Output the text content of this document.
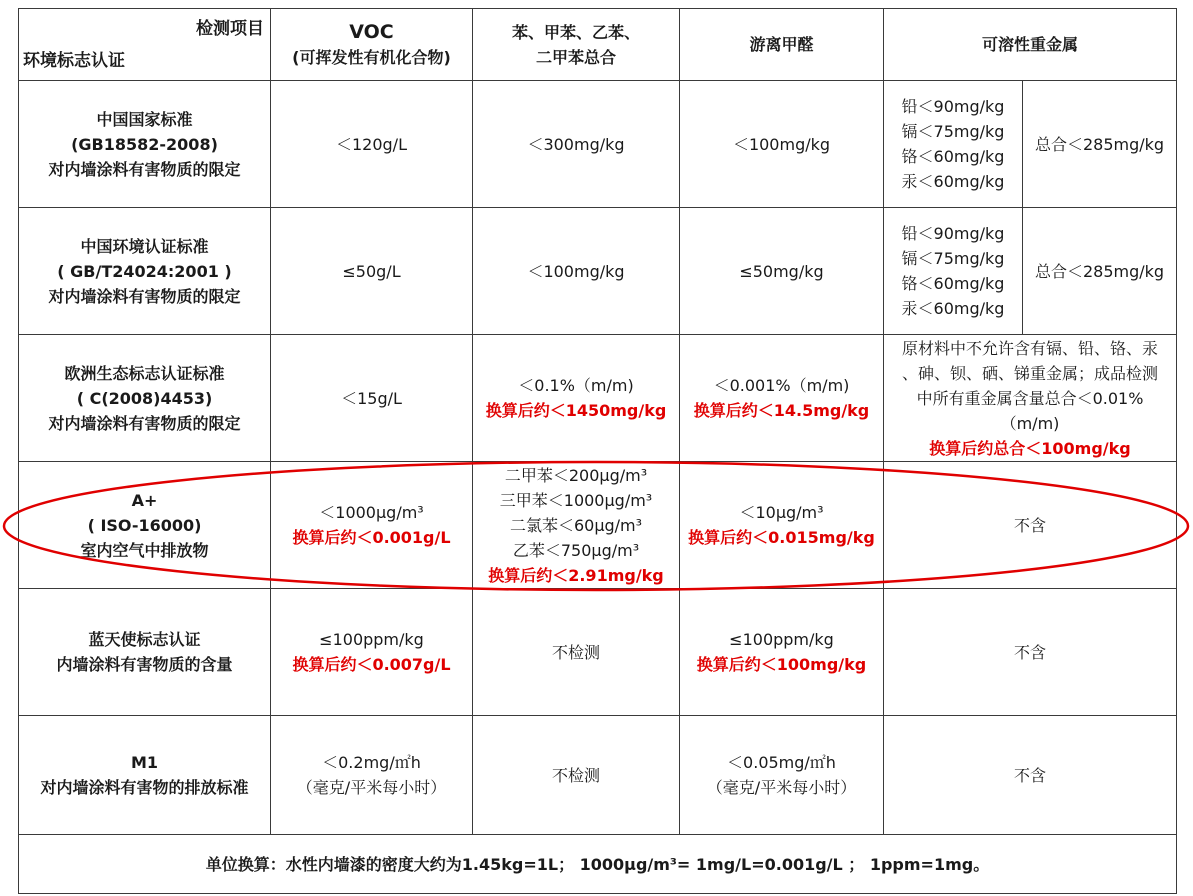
检测项目
环境标志认证	VOC
(可挥发性有机化合物)	苯、甲苯、乙苯、
二甲苯总合	游离甲醛	可溶性重金属	

中国国家标准
(GB18582-2008)
对内墙涂料有害物质的限定	＜120g/L	＜300mg/kg	＜100mg/kg	铅＜90mg/kg
镉＜75mg/kg
铬＜60mg/kg
汞＜60mg/kg	总合＜285mg/kg

中国环境认证标准
( GB/T24024:2001 )
对内墙涂料有害物质的限定	≤50g/L	＜100mg/kg	≤50mg/kg	铅＜90mg/kg
镉＜75mg/kg
铬＜60mg/kg
汞＜60mg/kg	总合＜285mg/kg

欧洲生态标志认证标准
( C(2008)4453)
对内墙涂料有害物质的限定	＜15g/L	＜0.1%（m/m)
换算后约＜1450mg/kg	＜0.001%（m/m)
换算后约＜14.5mg/kg	原材料中不允许含有镉、铅、铬、汞
、砷、钡、硒、锑重金属；成品检测
中所有重金属含量总合＜0.01%
（m/m)
换算后约总合＜100mg/kg	

A+
( ISO-16000)
室内空气中排放物	＜1000μg/m³
换算后约＜0.001g/L	二甲苯＜200μg/m³
三甲苯＜1000μg/m³
二氯苯＜60μg/m³
乙苯＜750μg/m³
换算后约＜2.91mg/kg	＜10μg/m³
换算后约＜0.015mg/kg	不含	

蓝天使标志认证
内墙涂料有害物质的含量	≤100ppm/kg
换算后约＜0.007g/L	不检测	≤100ppm/kg
换算后约＜100mg/kg	不含	

M1
对内墙涂料有害物的排放标准	＜0.2mg/㎡h
（毫克/平米每小时）	不检测	＜0.05mg/㎡h
（毫克/平米每小时）	不含	
单位换算：水性内墙漆的密度大约为1.45kg=1L； 1000μg/m³= 1mg/L=0.001g/L ； 1ppm=1mg。					
